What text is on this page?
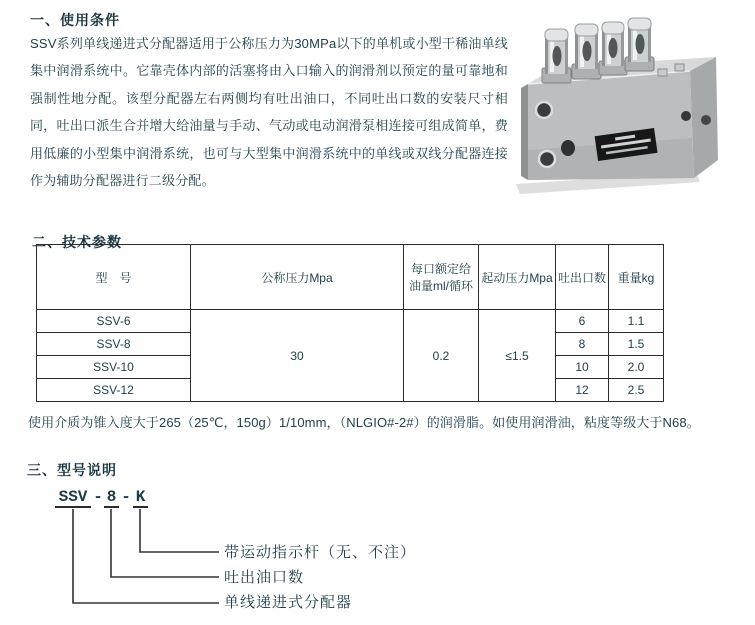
一、使用条件
SSV系列单线递进式分配器适用于公称压力为30MPa以下的单机或小型干稀油单线集中润滑系统中。它靠壳体内部的活塞将由入口输入的润滑剂以预定的量可靠地和强制性地分配。该型分配器左右两侧均有吐出油口，不同吐出口数的安装尺寸相同，吐出口派生合并增大给油量与手动、气动或电动润滑泵相连接可组成简单，费用低廉的小型集中润滑系统，也可与大型集中润滑系统中的单线或双线分配器连接作为辅助分配器进行二级分配。
二、技术参数
型　号	公称压力Mpa	每口额定给油量ml/循环	起动压力Mpa	吐出口数	重量kg
SSV-6	30	0.2	≤1.5	6	1.1
SSV-8				8	1.5
SSV-10				10	2.0
SSV-12				12	2.5
使用介质为锥入度大于265（25℃，150g）1/10mm，（NLGIO#-2#）的润滑脂。如使用润滑油，粘度等级大于N68。
三、型号说明
SSV - 8 - K
带运动指示杆（无、不注）
吐出油口数
单线递进式分配器
